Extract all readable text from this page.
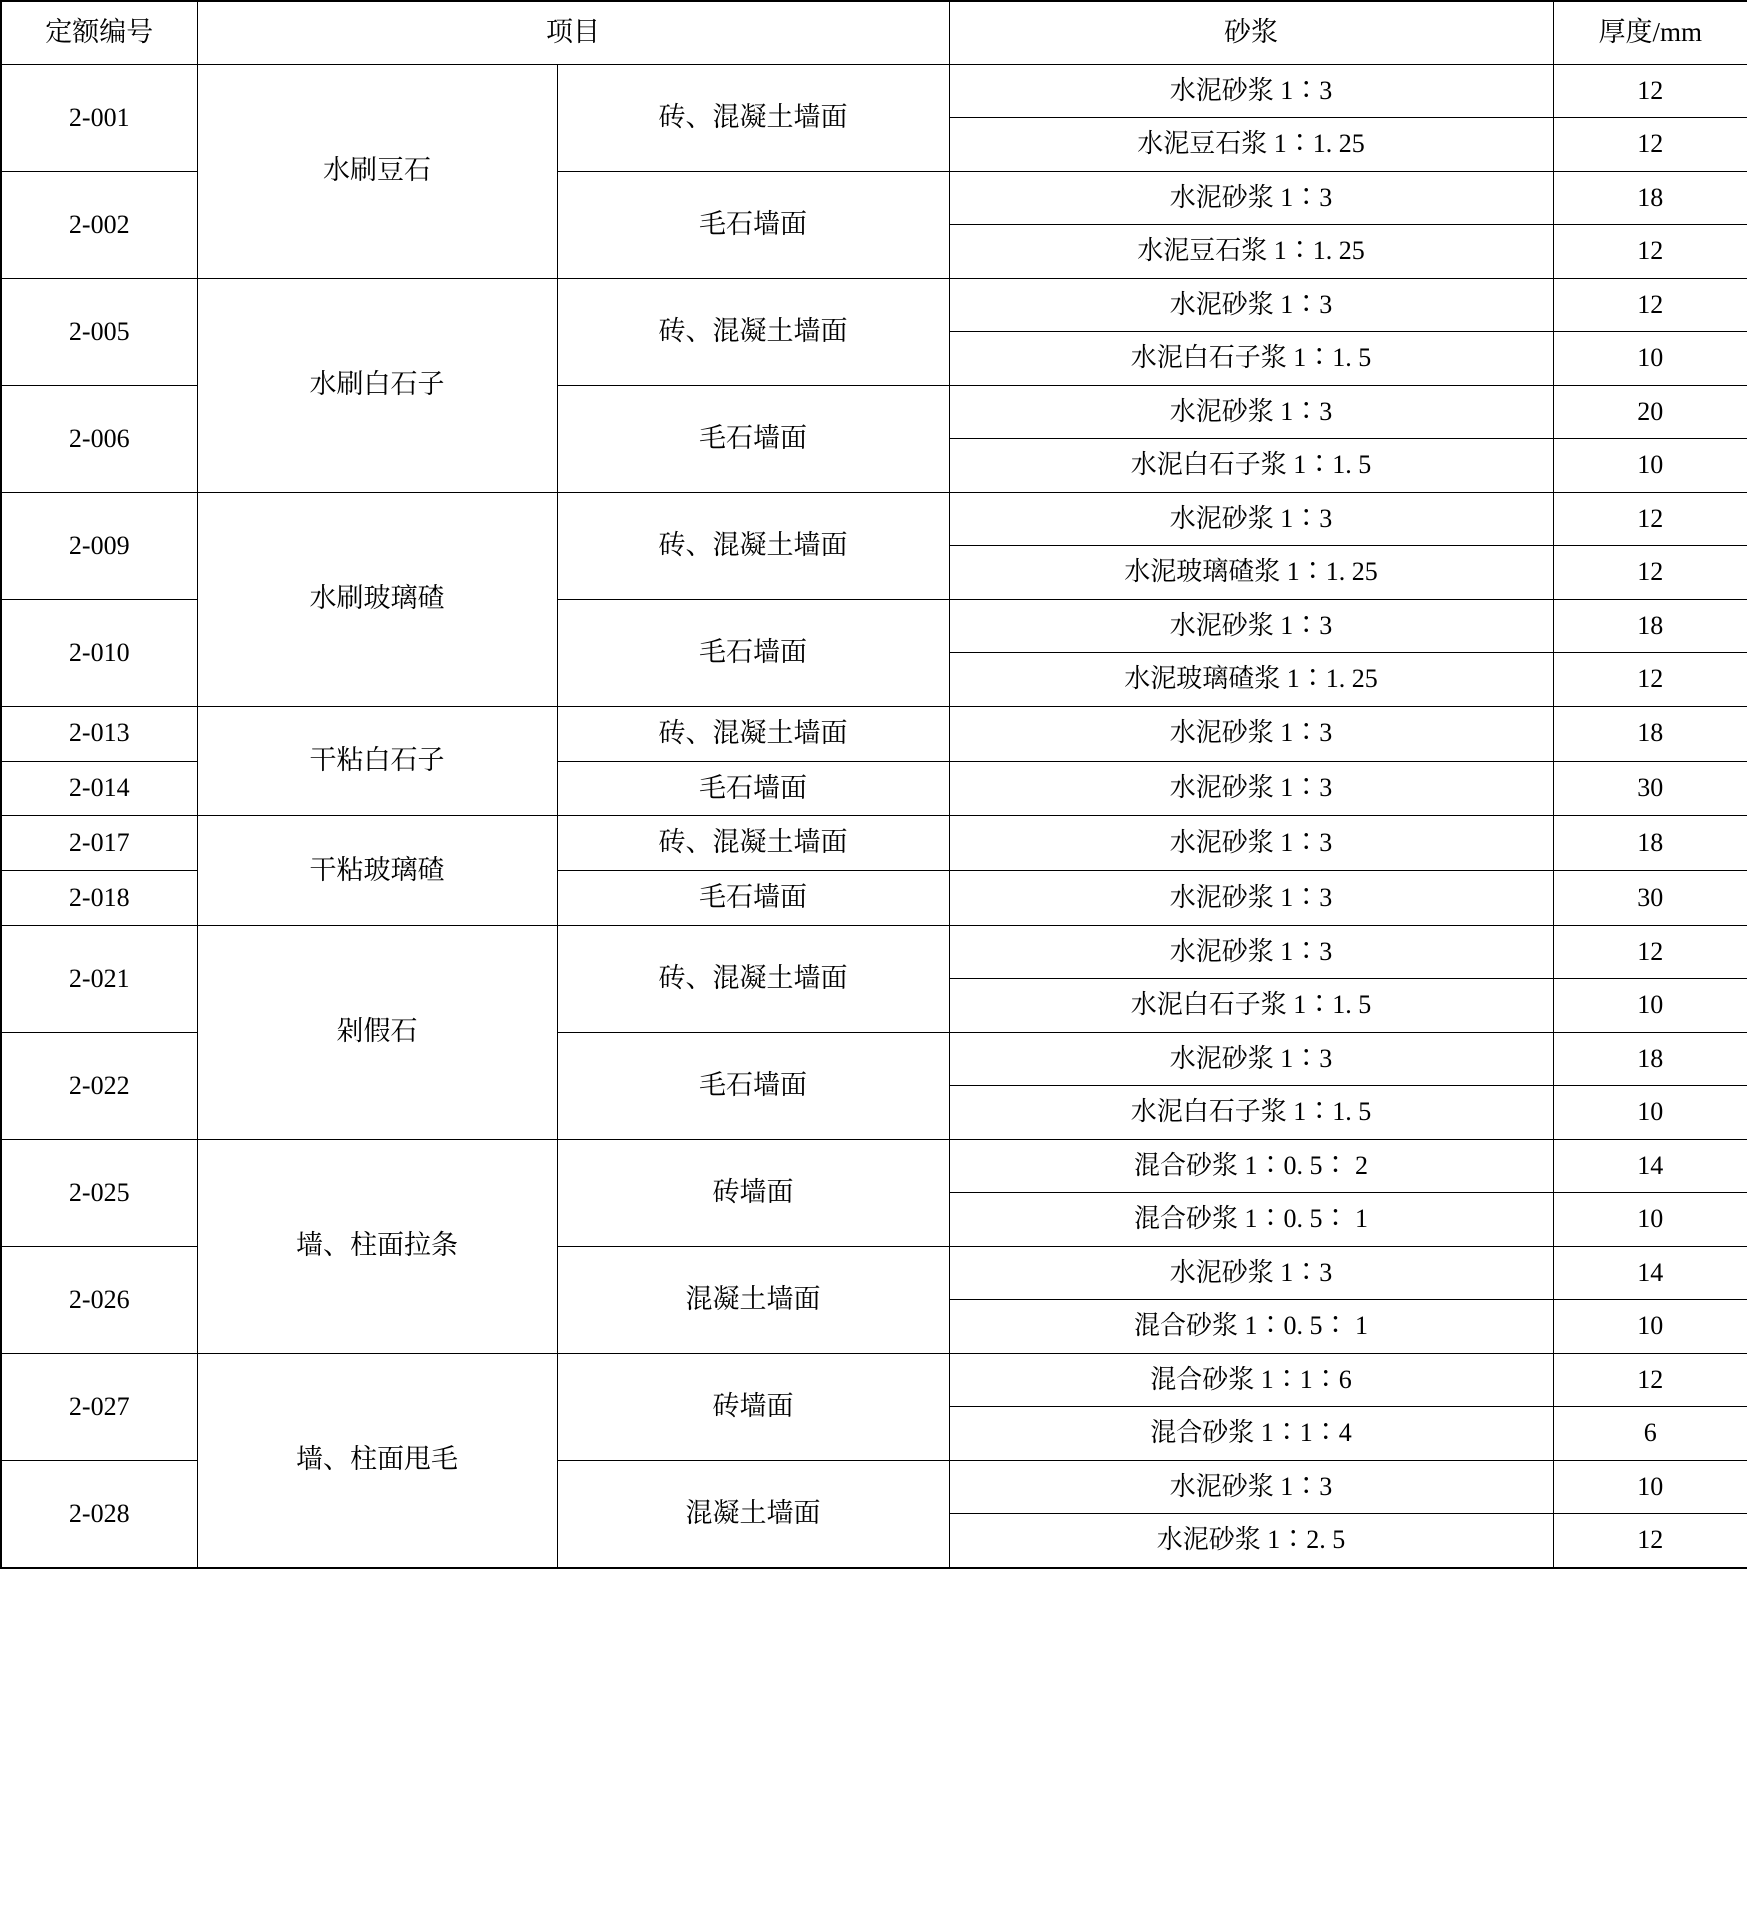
定额编号	项目		砂浆	厚度/mm
2-001	水刷豆石	砖、混凝土墙面	水泥砂浆 1∶3	12
			水泥豆石浆 1∶1. 25	12
2-002		毛石墙面	水泥砂浆 1∶3	18
			水泥豆石浆 1∶1. 25	12
2-005	水刷白石子	砖、混凝土墙面	水泥砂浆 1∶3	12
			水泥白石子浆 1∶1. 5	10
2-006		毛石墙面	水泥砂浆 1∶3	20
			水泥白石子浆 1∶1. 5	10
2-009	水刷玻璃碴	砖、混凝土墙面	水泥砂浆 1∶3	12
			水泥玻璃碴浆 1∶1. 25	12
2-010		毛石墙面	水泥砂浆 1∶3	18
			水泥玻璃碴浆 1∶1. 25	12
2-013	干粘白石子	砖、混凝土墙面	水泥砂浆 1∶3	18
2-014		毛石墙面	水泥砂浆 1∶3	30
2-017	干粘玻璃碴	砖、混凝土墙面	水泥砂浆 1∶3	18
2-018		毛石墙面	水泥砂浆 1∶3	30
2-021	剁假石	砖、混凝土墙面	水泥砂浆 1∶3	12
			水泥白石子浆 1∶1. 5	10
2-022		毛石墙面	水泥砂浆 1∶3	18
			水泥白石子浆 1∶1. 5	10
2-025	墙、柱面拉条	砖墙面	混合砂浆 1∶0. 5∶ 2	14
			混合砂浆 1∶0. 5∶ 1	10
2-026		混凝土墙面	水泥砂浆 1∶3	14
			混合砂浆 1∶0. 5∶ 1	10
2-027	墙、柱面甩毛	砖墙面	混合砂浆 1∶1∶6	12
			混合砂浆 1∶1∶4	6
2-028		混凝土墙面	水泥砂浆 1∶3	10
			水泥砂浆 1∶2. 5	12
